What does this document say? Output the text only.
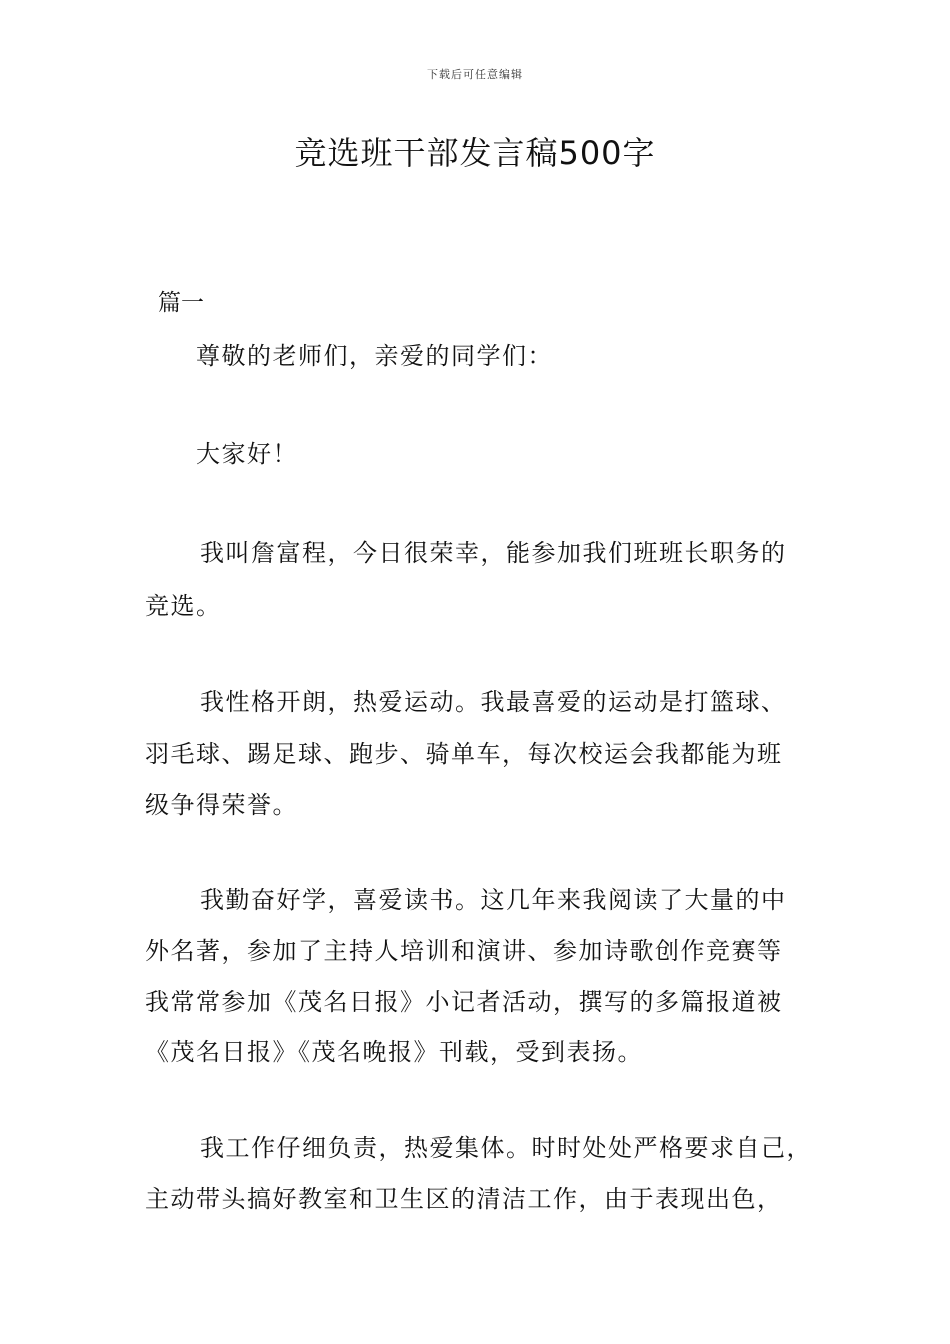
下载后可任意编辑
竞选班干部发言稿500字
篇一
尊敬的老师们，亲爱的同学们：
大家好！
我叫詹富程，今日很荣幸，能参加我们班班长职务的
竞选。
我性格开朗，热爱运动。我最喜爱的运动是打篮球、
羽毛球、踢足球、跑步、骑单车，每次校运会我都能为班
级争得荣誉。
我勤奋好学，喜爱读书。这几年来我阅读了大量的中
外名著，参加了主持人培训和演讲、参加诗歌创作竞赛等
我常常参加《茂名日报》小记者活动，撰写的多篇报道被
《茂名日报》《茂名晚报》刊载，受到表扬。
我工作仔细负责，热爱集体。时时处处严格要求自己，
主动带头搞好教室和卫生区的清洁工作，由于表现出色，
